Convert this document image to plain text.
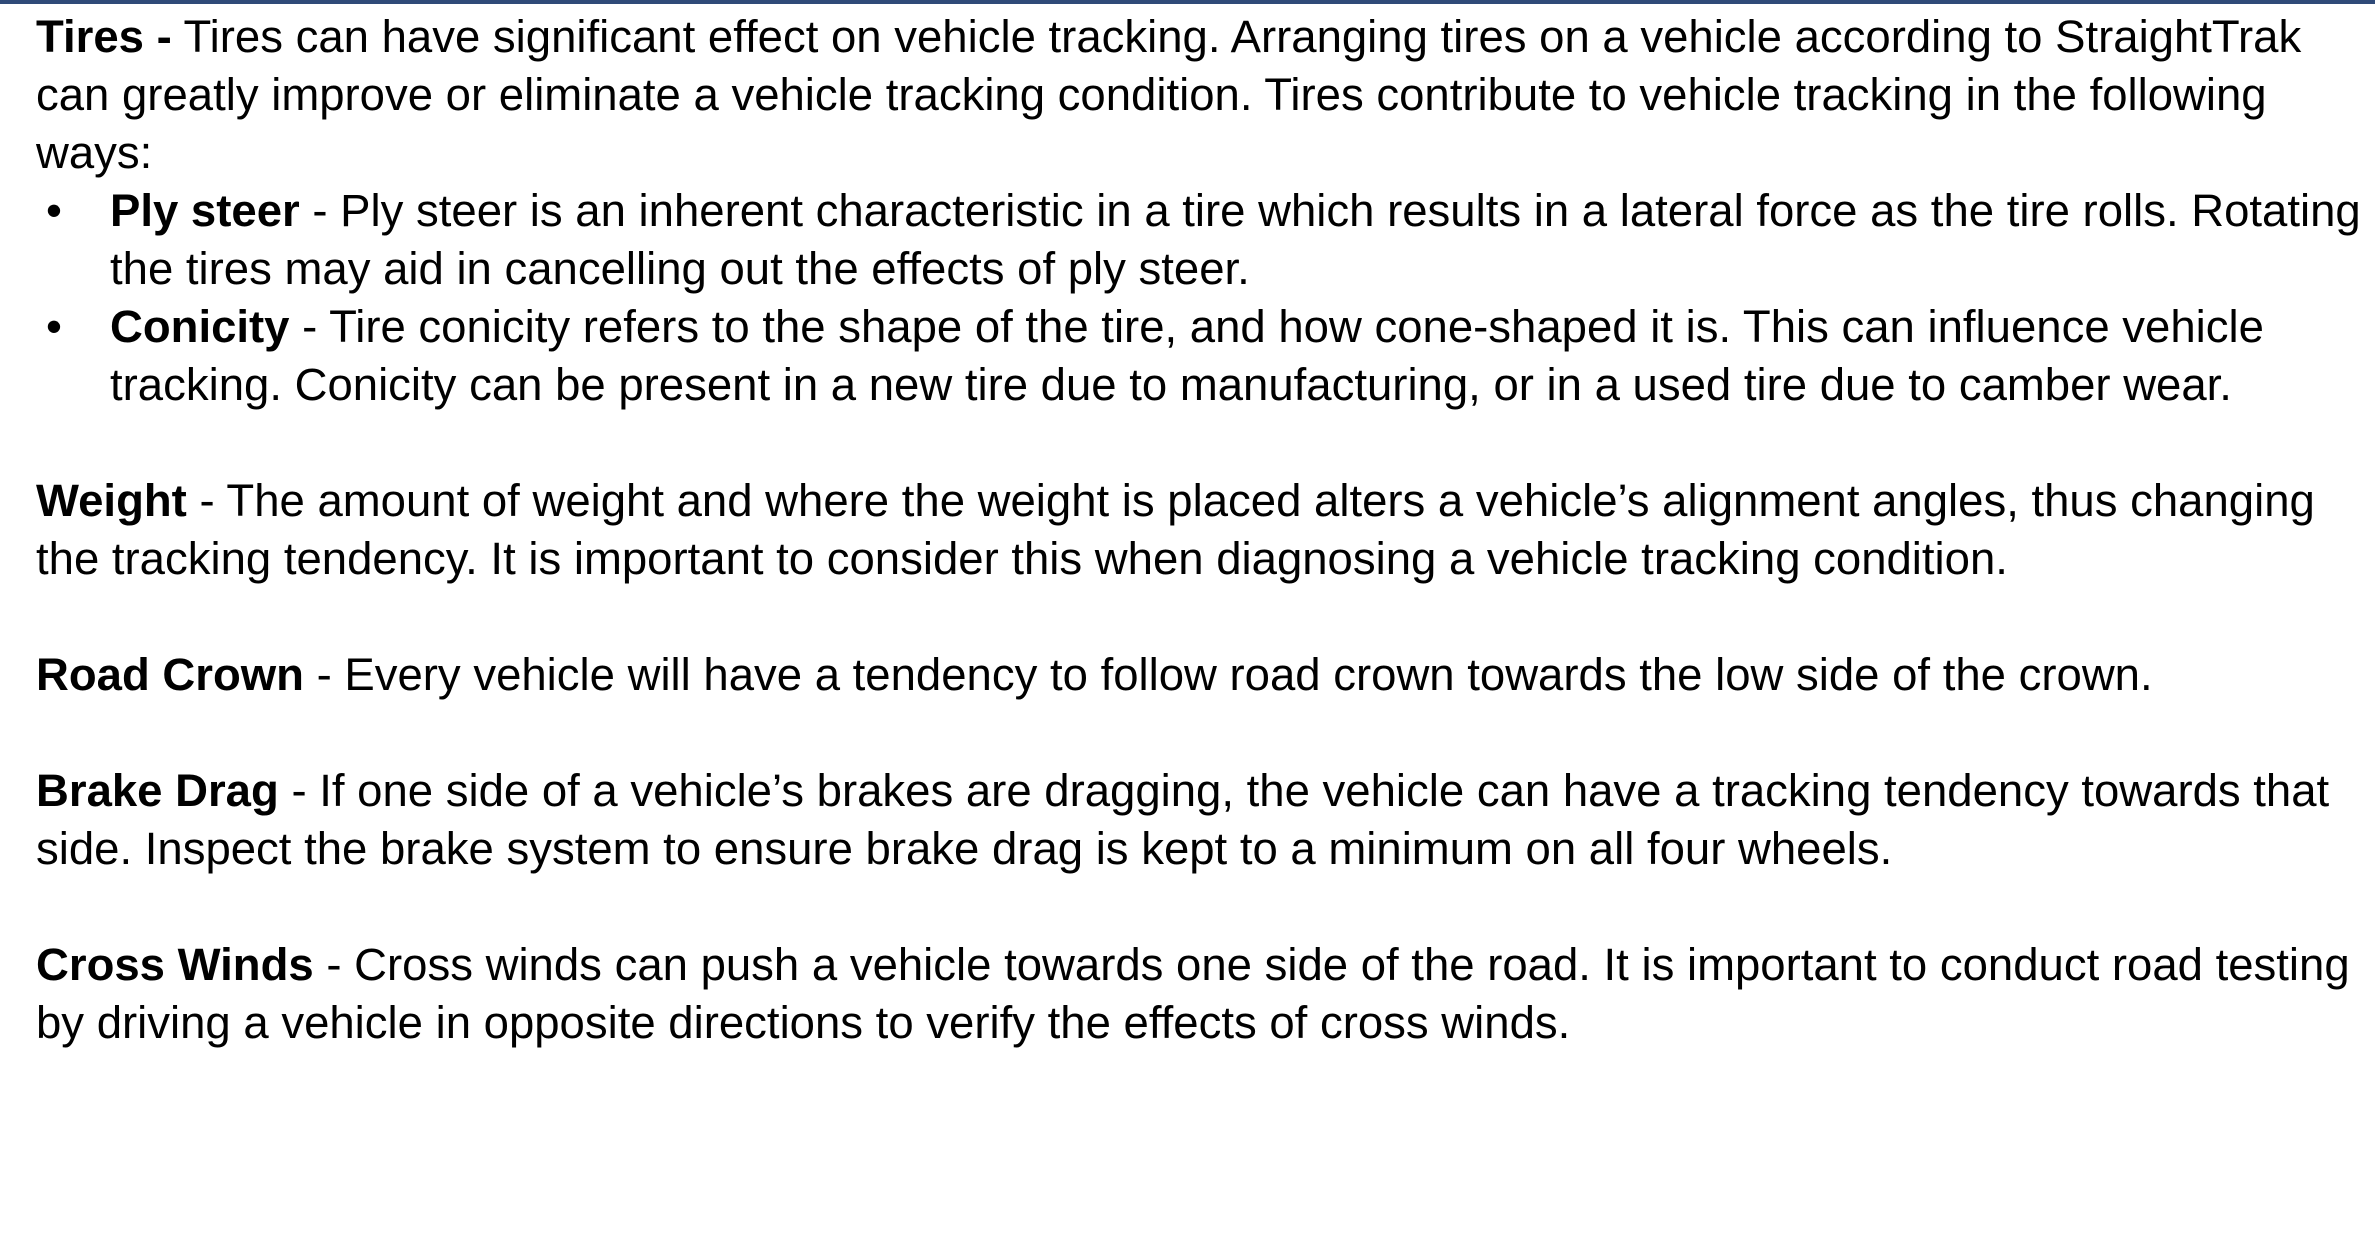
Tires - Tires can have significant effect on vehicle tracking. Arranging tires on a vehicle according to StraightTrak can greatly improve or eliminate a vehicle tracking condition. Tires contribute to vehicle tracking in the following ways:

• Ply steer - Ply steer is an inherent characteristic in a tire which results in a lateral force as the tire rolls. Rotating the tires may aid in cancelling out the effects of ply steer.
• Conicity - Tire conicity refers to the shape of the tire, and how cone-shaped it is. This can influence vehicle tracking. Conicity can be present in a new tire due to manufacturing, or in a used tire due to camber wear.

Weight - The amount of weight and where the weight is placed alters a vehicle’s alignment angles, thus changing the tracking tendency. It is important to consider this when diagnosing a vehicle tracking condition.

Road Crown - Every vehicle will have a tendency to follow road crown towards the low side of the crown.

Brake Drag - If one side of a vehicle’s brakes are dragging, the vehicle can have a tracking tendency towards that side. Inspect the brake system to ensure brake drag is kept to a minimum on all four wheels.

Cross Winds - Cross winds can push a vehicle towards one side of the road. It is important to conduct road testing by driving a vehicle in opposite directions to verify the effects of cross winds.
